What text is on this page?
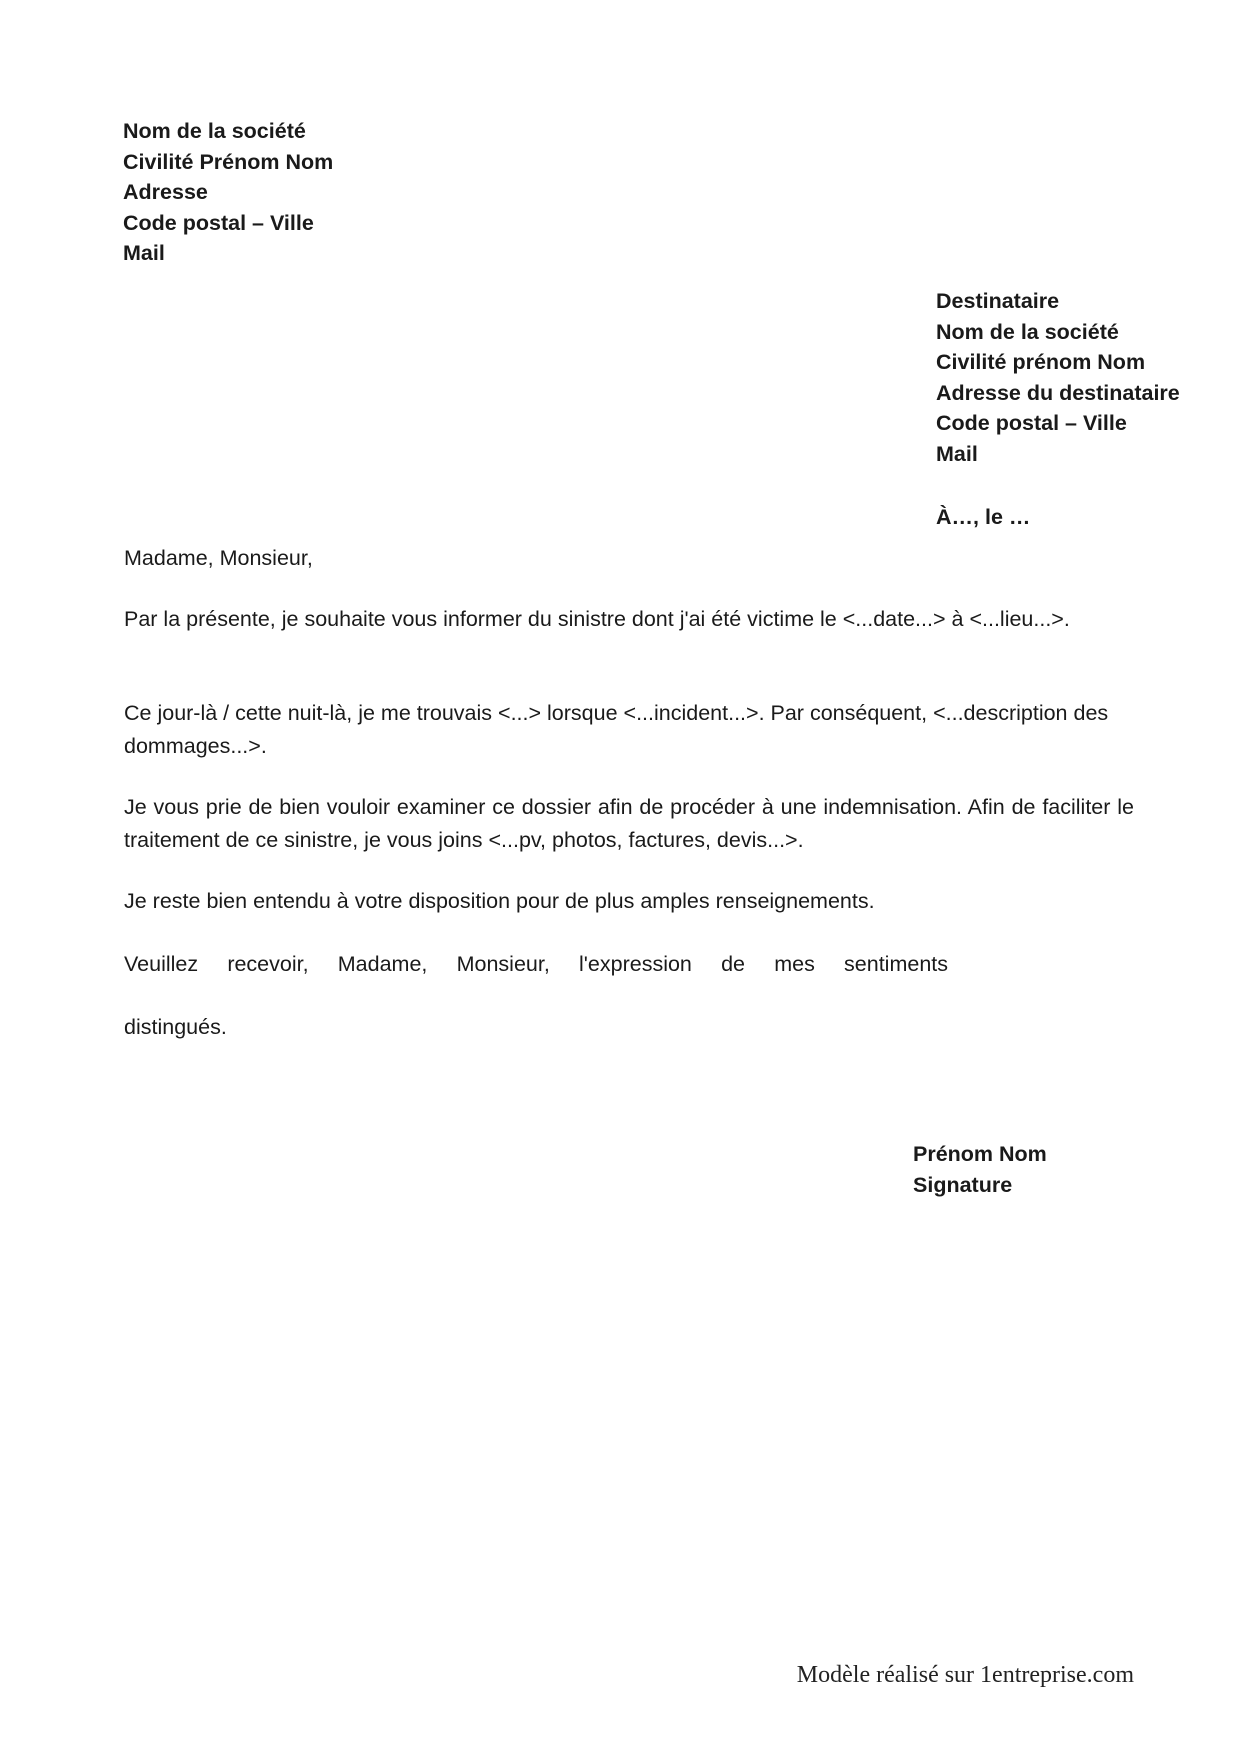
Nom de la société
Civilité Prénom Nom
Adresse
Code postal – Ville
Mail
Destinataire
Nom de la société
Civilité prénom Nom
Adresse du destinataire
Code postal – Ville
Mail
À…, le …

Madame, Monsieur,

Par la présente, je souhaite vous informer du sinistre dont j'ai été victime le <...date...> à <...lieu...>.

Ce jour-là / cette nuit-là, je me trouvais <...> lorsque <...incident...>. Par conséquent, <...description des dommages...>.

Je vous prie de bien vouloir examiner ce dossier afin de procéder à une indemnisation. Afin de faciliter le traitement de ce sinistre, je vous joins <...pv, photos, factures, devis...>.

Je reste bien entendu à votre disposition pour de plus amples renseignements.

Veuillez recevoir, Madame, Monsieur, l'expression de mes sentiments

distingués.

Prénom Nom
Signature
Modèle réalisé sur 1entreprise.com
